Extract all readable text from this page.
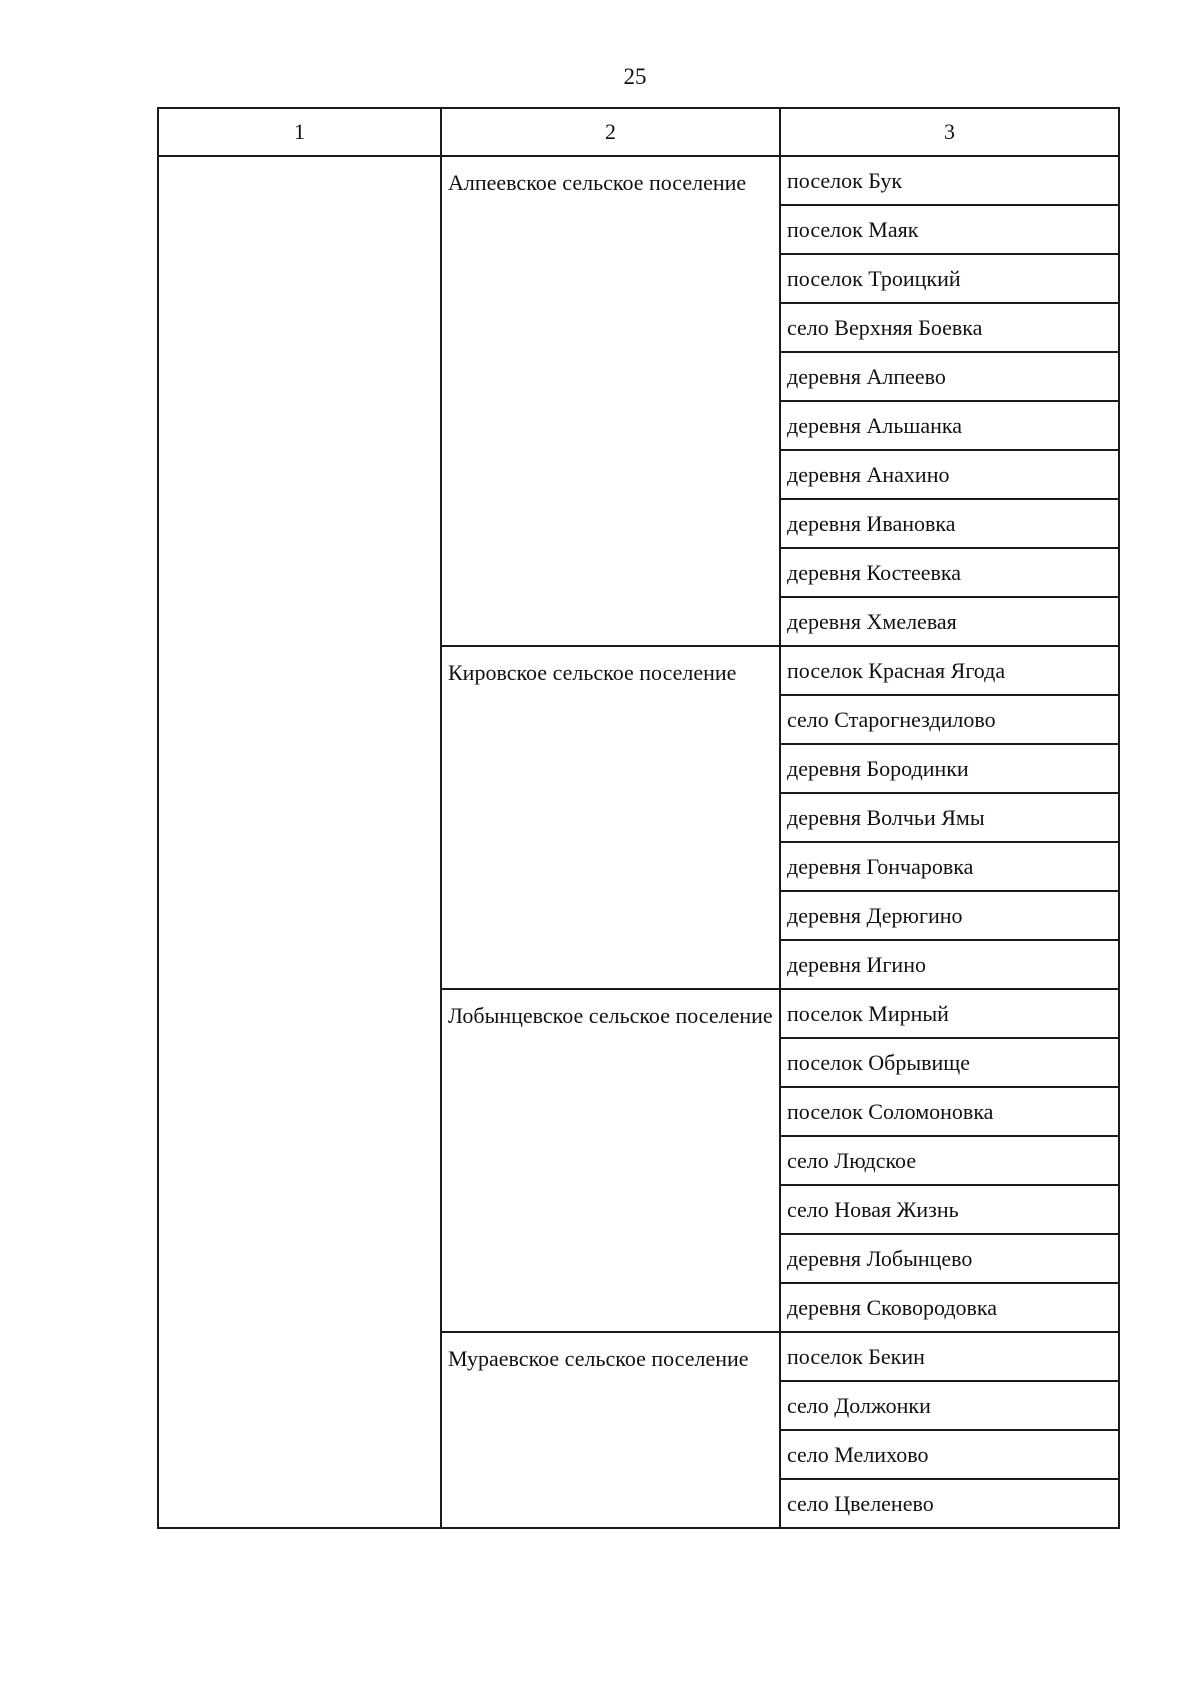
25
1	2	3
	Алпеевское сельское поселение	поселок Бук
		поселок Маяк
		поселок Троицкий
		село Верхняя Боевка
		деревня Алпеево
		деревня Альшанка
		деревня Анахино
		деревня Ивановка
		деревня Костеевка
		деревня Хмелевая
	Кировское сельское поселение	поселок Красная Ягода
		село Старогнездилово
		деревня Бородинки
		деревня Волчьи Ямы
		деревня Гончаровка
		деревня Дерюгино
		деревня Игино
	Лобынцевское сельское поселение	поселок Мирный
		поселок Обрывище
		поселок Соломоновка
		село Людское
		село Новая Жизнь
		деревня Лобынцево
		деревня Сковородовка
	Мураевское сельское поселение	поселок Бекин
		село Должонки
		село Мелихово
		село Цвеленево
